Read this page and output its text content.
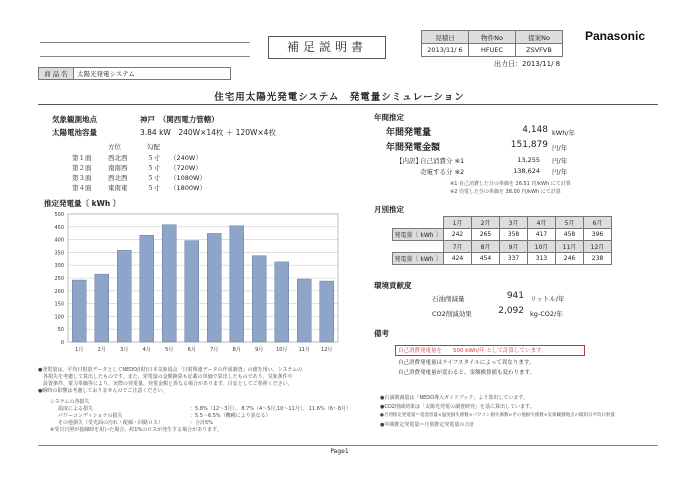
補足説明書
見積日	物件No	提案No
2013/11/ 6	HFUEC	ZSVFVB
Panasonic
出力日：2013/11/ 8
商 品 名	太陽光発電システム
住宅用太陽光発電システム　発電量シミュレーション
気象観測地点	神戸　（関西電力管轄）
太陽電池容量	3.84 kW　240W×14枚 ＋ 120W×4枚
方位	勾配
第１面	西北西	５寸 （240W）
第２面	南南西	５寸 （720W）
第３面	西北西	５寸 （1080W）
第４面	東南東	５寸 （1800W）
推定発電量〔 kWh 〕
0
50
100
150
200
250
300
350
400
450
500
1月	2月	3月	4月	5月	6月	7月	8月	9月	10月 11月 12月
年間推定
年間発電量	4,148 kWh/年
年間発電金額	151,879 円/年
【内訳】
自己消費分 ※1	13,255 円/年
売電する分 ※2	138,624 円/年
※1 自己消費した分の単価を 26.51 円/kWh にて計算
※2 売電した分の単価を 38.00 円/kWh にて計算
月別推定
	1月	2月	3月	4月	5月	6月
発電量〔 kWh 〕	242	265	358	417	458	396
	7月	8月	9月	10月	11月	12月
発電量〔 kWh 〕	424	454	337	313	246	238
環境貢献度
石油削減量	941 リットル/年
CO2削減効果	2,092 kg-CO2/年
備考
自己消費発電量を　　500 kWh/年 として計算しています。
自己消費発電量はライフスタイルによって異なります。
自己消費発電量が変わると、金額換算値も変わります。
●発電量は、平均日射量データとしてNEDO/(財)日本気象協会「日射関連データの作成調査」の値を用い、システムの
　各損失を考慮して算出したものです。また、発電量の金額換算も記載の単価で算出したものであり、気象条件や
　設置条件、電力単価等により、実際の発電量、発電金額と異なる場合があります。目安としてご参照ください。
●瞬時の影響は考慮しておりませんのでご注意ください。
システムの各損失
温度による損失	：5.8%（12〜3月）、 8.7%（4〜5月,10〜11月）、 11.6%（6〜8月）
パワーコンディショナの損失	：5.5〜6.5%（機種により異なる）
その他損失（受光面の汚れ・配線・回路ロス）	：合計5%
※受日日照が接線時を用いた場合、約1%のロスが発生する場合があります。
●石油削減量は「NEDO導入ガイドブック」より算出しています。
●CO2削減効果は「太陽光発電の調査研究」を基に算出しています。
●月別推定発電量＝電池容量×温度損失係数×パワコン損失係数×その他損失係数×気象観測地点の傾斜日平均日射量
●年間推定発電量＝月別推定発電量の合計
Page1
